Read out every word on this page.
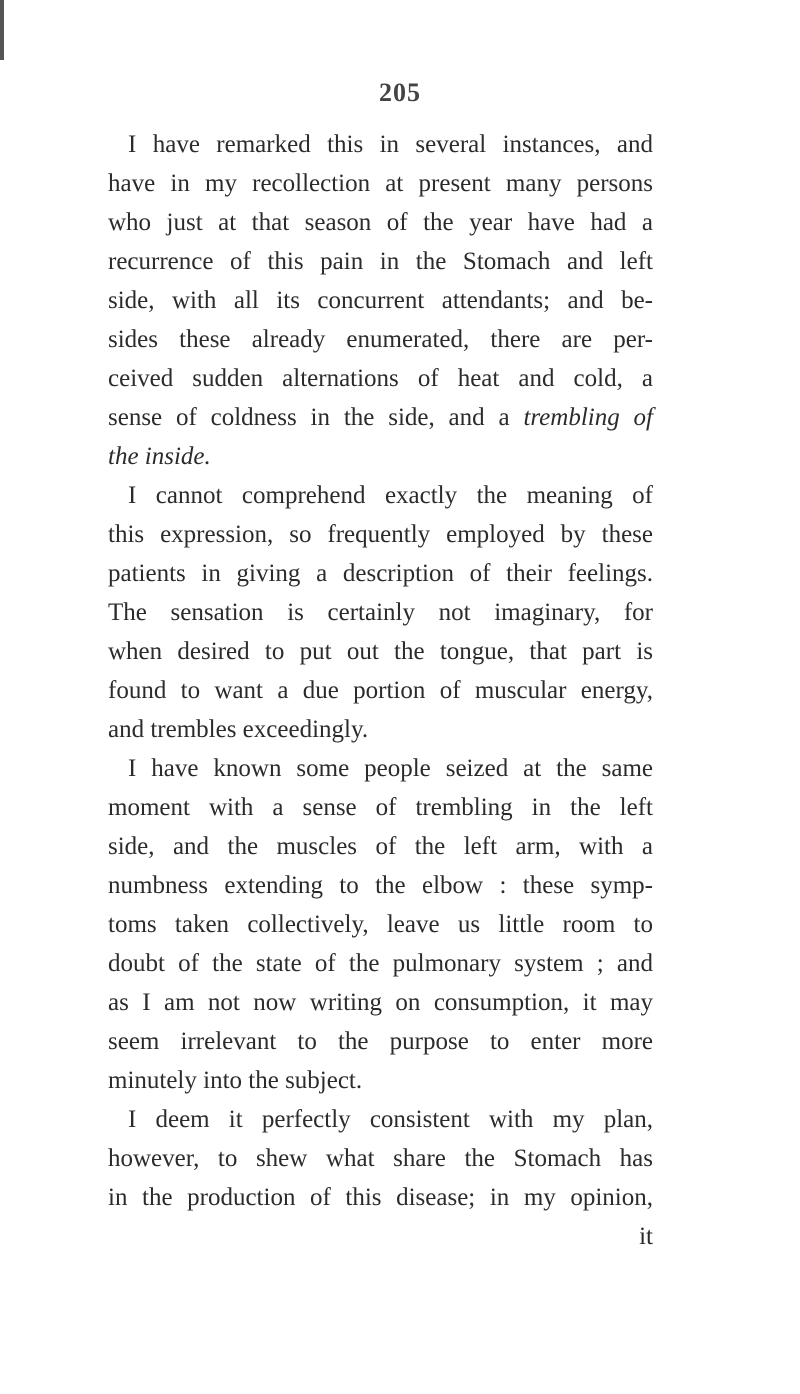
205
I have remarked this in several instances, and
have in my recollection at present many persons
who just at that season of the year have had a
recurrence of this pain in the Stomach and left
side, with all its concurrent attendants; and be-
sides these already enumerated, there are per-
ceived sudden alternations of heat and cold, a
sense of coldness in the side, and a trembling of
the inside.
I cannot comprehend exactly the meaning of
this expression, so frequently employed by these
patients in giving a description of their feelings.
The sensation is certainly not imaginary, for
when desired to put out the tongue, that part is
found to want a due portion of muscular energy,
and trembles exceedingly.
I have known some people seized at the same
moment with a sense of trembling in the left
side, and the muscles of the left arm, with a
numbness extending to the elbow : these symp-
toms taken collectively, leave us little room to
doubt of the state of the pulmonary system ; and
as I am not now writing on consumption, it may
seem irrelevant to the purpose to enter more
minutely into the subject.
I deem it perfectly consistent with my plan,
however, to shew what share the Stomach has
in the production of this disease; in my opinion,
it
